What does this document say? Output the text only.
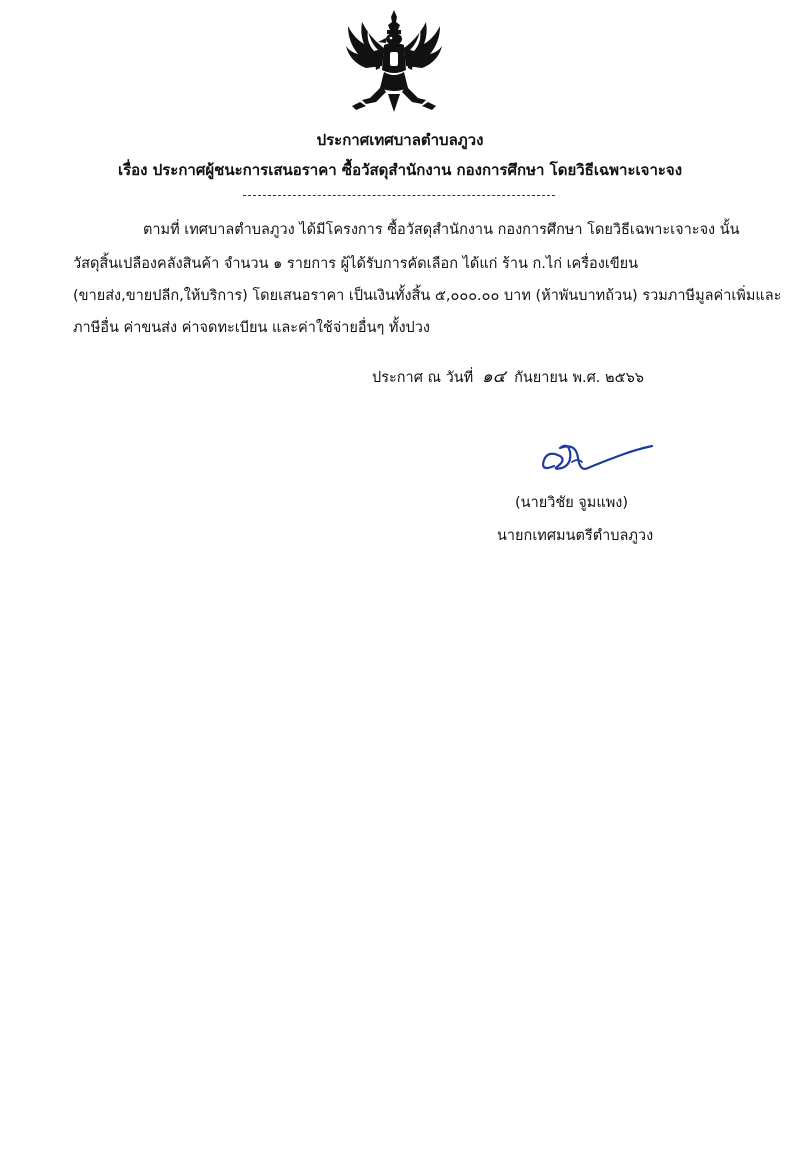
ประกาศเทศบาลตำบลภูวง
เรื่อง ประกาศผู้ชนะการเสนอราคา ซื้อวัสดุสำนักงาน กองการศึกษา โดยวิธีเฉพาะเจาะจง
ตามที่ เทศบาลตำบลภูวง ได้มีโครงการ ซื้อวัสดุสำนักงาน กองการศึกษา โดยวิธีเฉพาะเจาะจง นั้น
วัสดุสิ้นเปลืองคลังสินค้า จำนวน ๑ รายการ ผู้ได้รับการคัดเลือก ได้แก่ ร้าน ก.ไก่ เครื่องเขียน
(ขายส่ง,ขายปลีก,ให้บริการ) โดยเสนอราคา เป็นเงินทั้งสิ้น ๕,๐๐๐.๐๐ บาท (ห้าพันบาทถ้วน) รวมภาษีมูลค่าเพิ่มและ
ภาษีอื่น ค่าขนส่ง ค่าจดทะเบียน และค่าใช้จ่ายอื่นๆ ทั้งปวง
ประกาศ ณ วันที่ ๑๔ กันยายน พ.ศ. ๒๕๖๖
(นายวิชัย จูมแพง)
นายกเทศมนตรีตำบลภูวง
